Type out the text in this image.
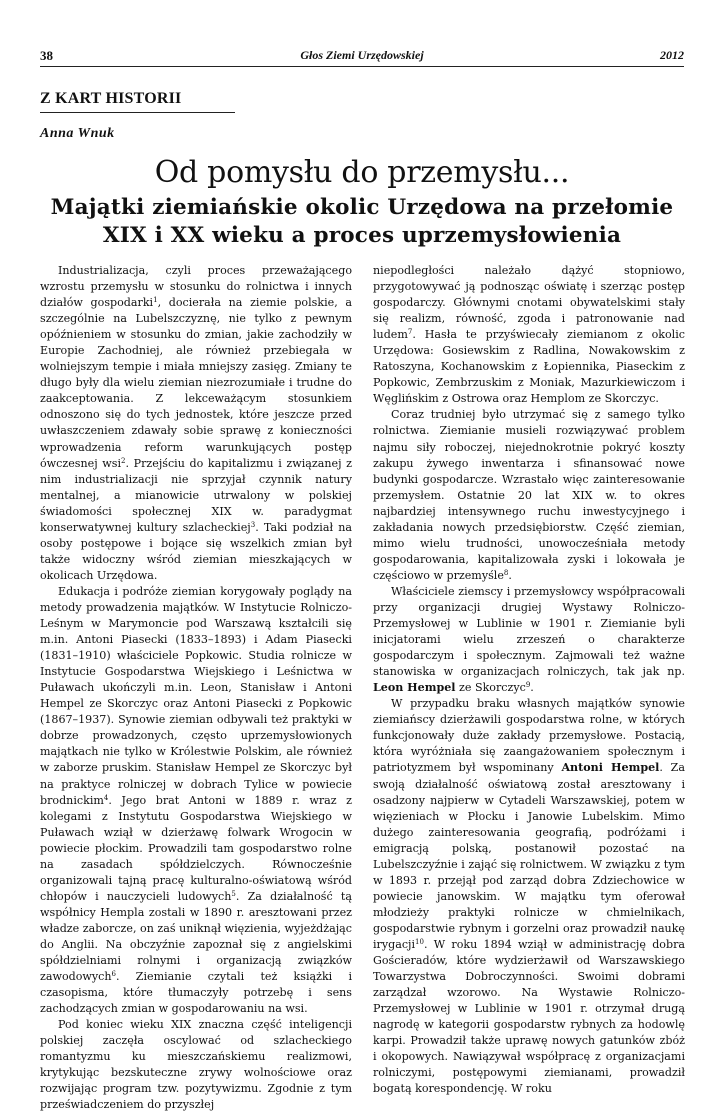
38	Głos Ziemi Urzędowskiej	2012
Z KART HISTORII
Anna Wnuk
Od pomysłu do przemysłu...
Majątki ziemiańskie okolic Urzędowa na przełomie
XIX i XX wieku a proces uprzemysłowienia

Industrializacja, czyli proces przeważającego wzrostu przemysłu w stosunku do rolnictwa i innych działów gospodarki$^1$, docierała na ziemie polskie, a szczególnie na Lubelszczyznę, nie tylko z pewnym opóźnieniem w stosunku do zmian, jakie zachodziły w Europie Zachodniej, ale również przebiegała w wolniejszym tempie i miała mniejszy zasięg. Zmiany te długo były dla wielu ziemian niezrozumiałe i trudne do zaakceptowania. Z lekceważącym stosunkiem odnoszono się do tych jednostek, które jeszcze przed uwłaszczeniem zdawały sobie sprawę z konieczności wprowadzenia reform warunkujących postęp ówczesnej wsi$^2$. Przejściu do kapitalizmu i związanej z nim industrializacji nie sprzyjał czynnik natury mentalnej, a mianowicie utrwalony w polskiej świadomości społecznej XIX w. paradygmat konserwatywnej kultury szlacheckiej$^3$. Taki podział na osoby postępowe i bojące się wszelkich zmian był także widoczny wśród ziemian mieszkających w okolicach Urzędowa.

Edukacja i podróże ziemian korygowały poglądy na metody prowadzenia majątków. W Instytucie Rolniczo-Leśnym w Marymoncie pod Warszawą kształcili się m.in. Antoni Piasecki (1833–1893) i Adam Piasecki (1831–1910) właściciele Popkowic. Studia rolnicze w Instytucie Gospodarstwa Wiejskiego i Leśnictwa w Puławach ukończyli m.in. Leon, Stanisław i Antoni Hempel ze Skorczyc oraz Antoni Piasecki z Popkowic (1867–1937). Synowie ziemian odbywali też praktyki w dobrze prowadzonych, często uprzemysłowionych majątkach nie tylko w Królestwie Polskim, ale również w zaborze pruskim. Stanisław Hempel ze Skorczyc był na praktyce rolniczej w dobrach Tylice w powiecie brodnickim$^4$. Jego brat Antoni w 1889 r. wraz z kolegami z Instytutu Gospodarstwa Wiejskiego w Puławach wziął w dzierżawę folwark Wrogocin w powiecie płockim. Prowadzili tam gospodarstwo rolne na zasadach spółdzielczych. Równocześnie organizowali tajną pracę kulturalno-oświatową wśród chłopów i nauczycieli ludowych$^5$. Za działalność tą współnicy Hempla zostali w 1890 r. aresztowani przez władze zaborcze, on zaś uniknął więzienia, wyjeżdżając do Anglii. Na obczyźnie zapoznał się z angielskimi spółdzielniami rolnymi i organizacją związków zawodowych$^6$. Ziemianie czytali też książki i czasopisma, które tłumaczyły potrzebę i sens zachodzących zmian w gospodarowaniu na wsi.

Pod koniec wieku XIX znaczna część inteligencji polskiej zaczęła oscylować od szlacheckiego romantyzmu ku mieszczańskiemu realizmowi, krytykując bezskuteczne zrywy wolnościowe oraz rozwijając program tzw. pozytywizmu. Zgodnie z tym przeświadczeniem do przyszłej

niepodległości należało dążyć stopniowo, przygotowywać ją podnosząc oświatę i szerząc postęp gospodarczy. Głównymi cnotami obywatelskimi stały się realizm, równość, zgoda i patronowanie nad ludem$^7$. Hasła te przyświecały ziemianom z okolic Urzędowa: Gosiewskim z Radlina, Nowakowskim z Ratoszyna, Kochanowskim z Łopiennika, Piaseckim z Popkowic, Zembrzuskim z Moniak, Mazurkiewiczom i Węglińskim z Ostrowa oraz Hemplom ze Skorczyc.

Coraz trudniej było utrzymać się z samego tylko rolnictwa. Ziemianie musieli rozwiązywać problem najmu siły roboczej, niejednokrotnie pokryć koszty zakupu żywego inwentarza i sfinansować nowe budynki gospodarcze. Wzrastało więc zainteresowanie przemysłem. Ostatnie 20 lat XIX w. to okres najbardziej intensywnego ruchu inwestycyjnego i zakładania nowych przedsiębiorstw. Część ziemian, mimo wielu trudności, unowocześniała metody gospodarowania, kapitalizowała zyski i lokowała je częściowo w przemyśle$^8$.

Właściciele ziemscy i przemysłowcy współpracowali przy organizacji drugiej Wystawy Rolniczo-Przemysłowej w Lublinie w 1901 r. Ziemianie byli inicjatorami wielu zrzeszeń o charakterze gospodarczym i społecznym. Zajmowali też ważne stanowiska w organizacjach rolniczych, tak jak np. Leon Hempel ze Skorczyc$^9$.

W przypadku braku własnych majątków synowie ziemiańscy dzierżawili gospodarstwa rolne, w których funkcjonowały duże zakłady przemysłowe. Postacią, która wyróżniała się zaangażowaniem społecznym i patriotyzmem był wspominany Antoni Hempel. Za swoją działalność oświatową został aresztowany i osadzony najpierw w Cytadeli Warszawskiej, potem w więzieniach w Płocku i Janowie Lubelskim. Mimo dużego zainteresowania geografią, podróżami i emigracją polską, postanowił pozostać na Lubelszczyźnie i zająć się rolnictwem. W związku z tym w 1893 r. przejął pod zarząd dobra Zdziechowice w powiecie janowskim. W majątku tym oferował młodzieży praktyki rolnicze w chmielnikach, gospodarstwie rybnym i gorzelni oraz prowadził naukę irygacji$^{10}$. W roku 1894 wziął w administrację dobra Gościeradów, które wydzierżawił od Warszawskiego Towarzystwa Dobroczynności. Swoimi dobrami zarządzał wzorowo. Na Wystawie Rolniczo-Przemysłowej w Lublinie w 1901 r. otrzymał drugą nagrodę w kategorii gospodarstw rybnych za hodowlę karpi. Prowadził także uprawę nowych gatunków zbóż i okopowych. Nawiązywał współpracę z organizacjami rolniczymi, postępowymi ziemianami, prowadził bogatą korespondencję. W roku
